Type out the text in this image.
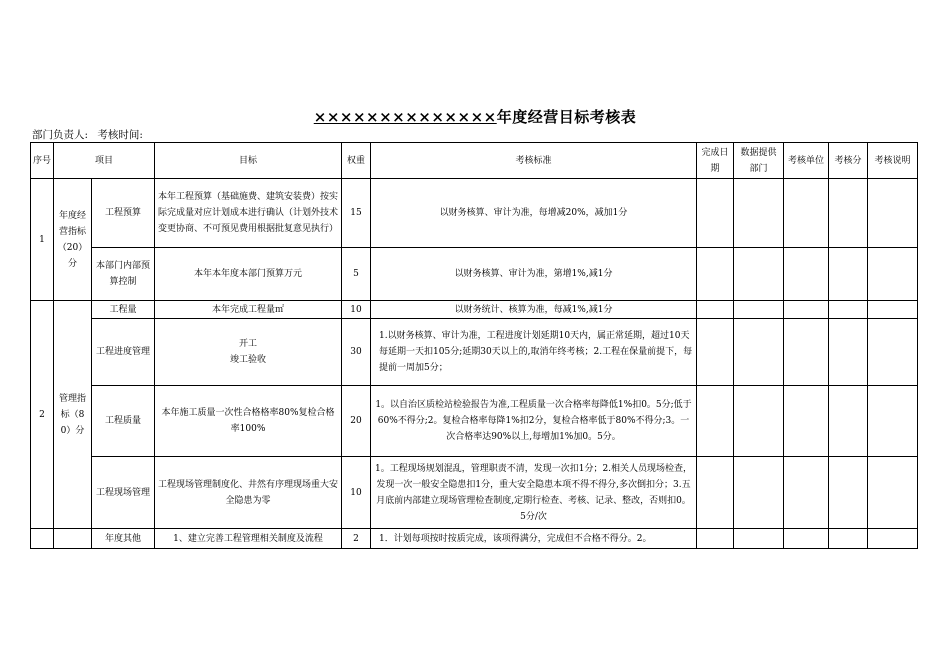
××××××××××××××年度经营目标考核表
部门负责人: 考核时间:
序号	项目		目标	权重	考核标准	完成日期	数据提供部门	考核单位	考核分	考核说明
1	年度经营指标（20）分	工程预算	本年工程预算（基础施费、建筑安装费）按实际完成量对应计划成本进行确认（计划外技术变更协商、不可预见费用根据批复意见执行）	15	以财务核算、审计为准，每增减20%，减加1分					
		本部门内部预算控制	本年本年度本部门预算万元	5	以财务核算、审计为准，第增1%,减1分					
2	管理指标（80）分	工程量	本年完成工程量㎡	10	以财务统计、核算为准，每减1%,减1分					
		工程进度管理	开工
竣工验收	30	1.以财务核算、审计为准，工程进度计划延期10天内，属正常延期，超过10天每延期一天扣105分;延期30天以上的,取消年终考核；2.工程在保量前提下，每提前一周加5分；					
		工程质量	本年施工质量一次性合格格率80%复检合格率100%	20	1。以自治区质检站检验报告为准,工程质量一次合格率每降低1%扣0。5分;低于60%不得分;2。复检合格率每降1%扣2分，复检合格率低于80%不得分;3。一次合格率达90%以上,每增加1%加0。5分。					
		工程现场管理	工程现场管理制度化、井然有序理现场重大安全隐患为零	10	1。工程现场规划混乱，管理职责不清，发现一次扣1分；2.相关人员现场检查，发现一次一般安全隐患扣1分，重大安全隐患本项不得不得分,多次倒扣分；3.五月底前内部建立现场管理检查制度,定期行检查、考核、记录、整改，否则扣0。5分/次					
		年度其他	1、建立完善工程管理相关制度及流程	2	1．计划每项按时按质完成，该项得满分，完成但不合格不得分。2。					
